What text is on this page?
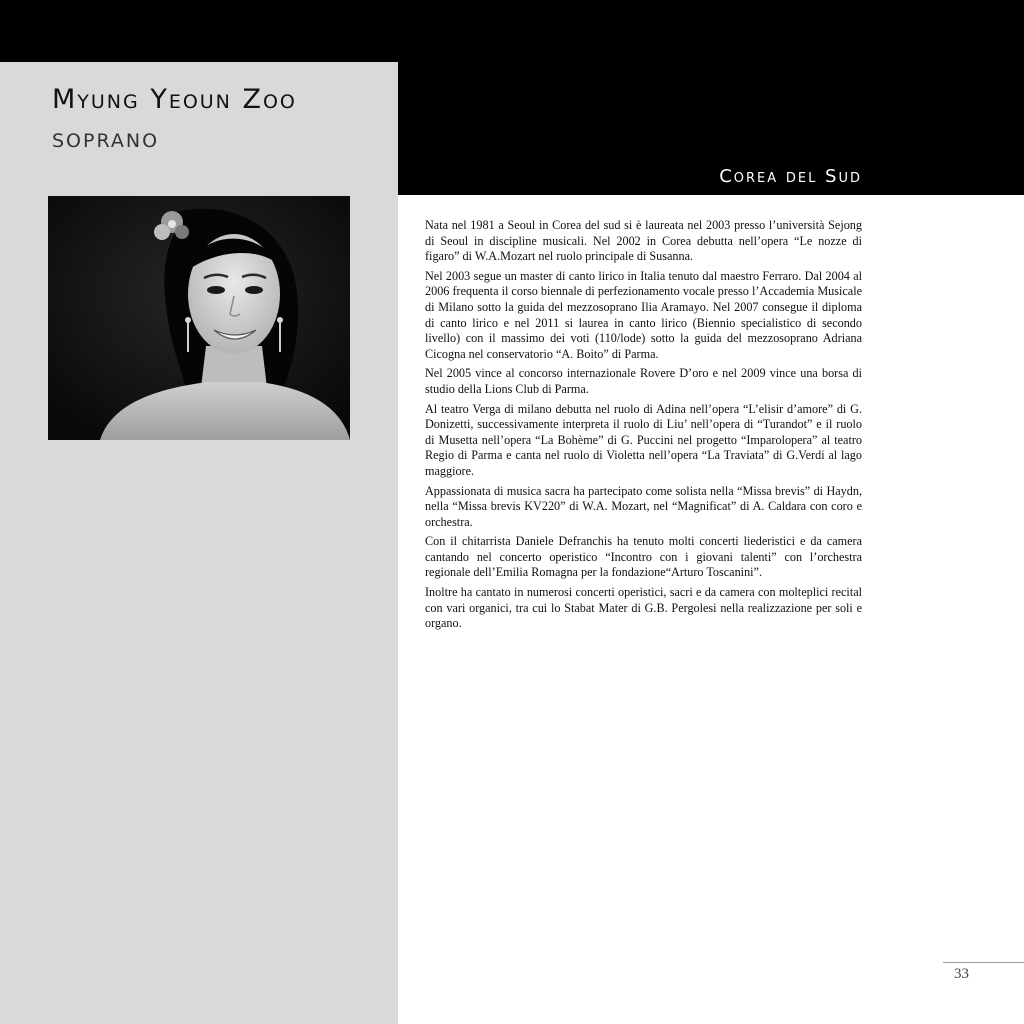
Myung Yeoun Zoo
SOPRANO
Corea del Sud

Nata nel 1981 a Seoul in Corea del sud si è laureata nel 2003 presso l’università Sejong di Seoul in discipline musicali. Nel 2002 in Corea debutta nell’opera “Le nozze di figaro” di W.A.Mozart nel ruolo principale di Susanna.

Nel 2003 segue un master di canto lirico in Italia tenuto dal maestro Ferraro. Dal 2004 al 2006 frequenta il corso biennale di perfezionamento vocale presso l’Accademia Musicale di Milano sotto la guida del mezzosoprano Ilia Aramayo. Nel 2007 consegue il diploma di canto lirico e nel 2011 si laurea in canto lirico (Biennio specialistico di secondo livello) con il massimo dei voti (110/lode) sotto la guida del mezzosoprano Adriana Cicogna nel conservatorio “A. Boito” di Parma.

Nel 2005 vince al concorso internazionale Rovere D’oro e nel 2009 vince una borsa di studio della Lions Club di Parma.

Al teatro Verga di milano debutta nel ruolo di Adina nell’opera “L’elisir d’amore” di G. Donizetti, successivamente interpreta il ruolo di Liu’ nell’opera di “Turandot” e il ruolo di Musetta nell’opera “La Bohème” di G. Puccini nel progetto “Imparolopera” al teatro Regio di Parma e canta nel ruolo di Violetta nell’opera “La Traviata” di G.Verdi al lago maggiore.

Appassionata di musica sacra ha partecipato come solista nella “Missa brevis” di Haydn, nella “Missa brevis KV220” di W.A. Mozart, nel “Magnificat” di A. Caldara con coro e orchestra.

Con il chitarrista Daniele Defranchis ha tenuto molti concerti liederistici e da camera cantando nel concerto operistico “Incontro con i giovani talenti” con l’orchestra regionale dell’Emilia Romagna per la fondazione“Arturo Toscanini”.

Inoltre ha cantato in numerosi concerti operistici, sacri e da camera con molteplici recital con vari organici, tra cui lo Stabat Mater di G.B. Pergolesi nella realizzazione per soli e organo.

33
